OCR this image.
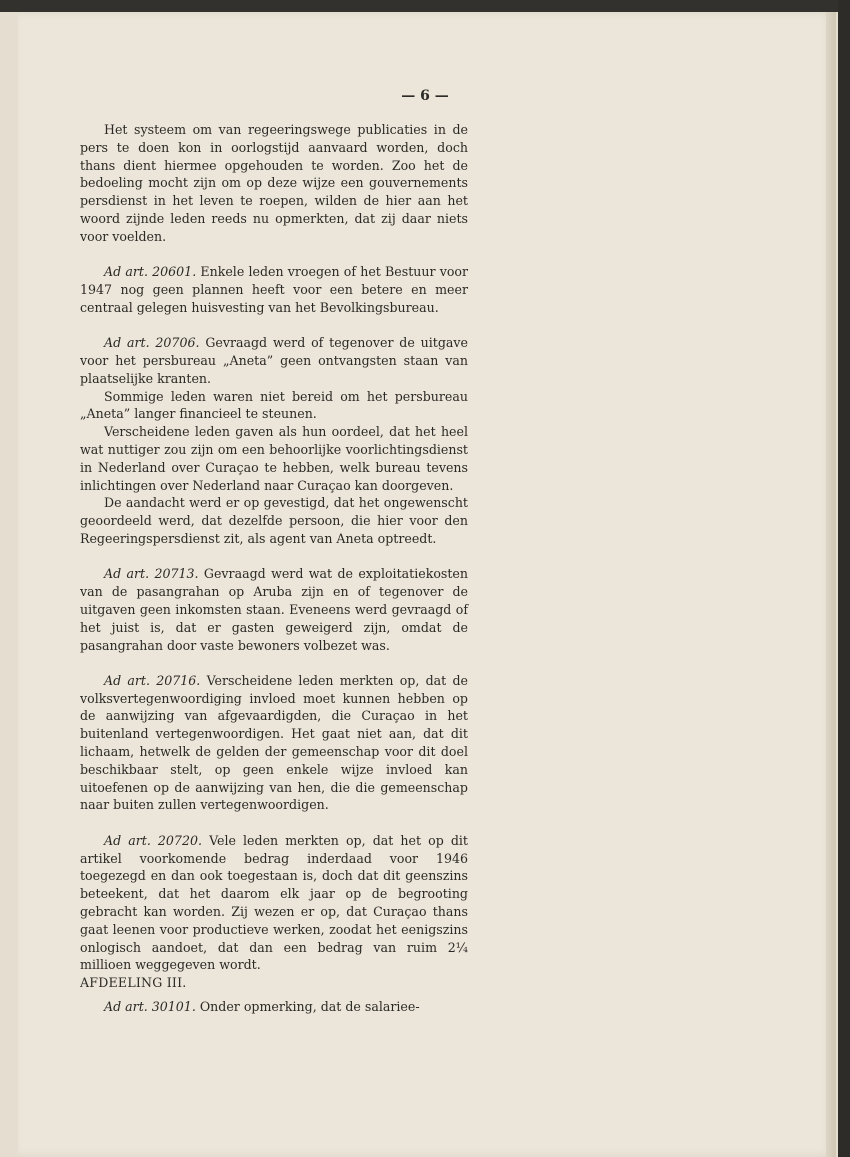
— 6 —

Het systeem om van regeeringswege publicaties in de pers te doen kon in oorlogstijd aanvaard worden, doch thans dient hiermee opgehouden te worden. Zoo het de bedoeling mocht zijn om op deze wijze een gouvernements persdienst in het leven te roepen, wilden de hier aan het woord zijnde leden reeds nu opmerkten, dat zij daar niets voor voelden.

Ad art. 20601. Enkele leden vroegen of het Bestuur voor 1947 nog geen plannen heeft voor een betere en meer centraal gelegen huisvesting van het Bevolkingsbureau.

Ad art. 20706. Gevraagd werd of tegenover de uitgave voor het persbureau „Aneta” geen ontvangsten staan van plaatselijke kranten.

Sommige leden waren niet bereid om het persbureau „Aneta” langer financieel te steunen.

Verscheidene leden gaven als hun oordeel, dat het heel wat nuttiger zou zijn om een behoorlijke voorlichtingsdienst in Nederland over Curaçao te hebben, welk bureau tevens inlichtingen over Nederland naar Curaçao kan doorgeven.

De aandacht werd er op gevestigd, dat het ongewenscht geoordeeld werd, dat dezelfde persoon, die hier voor den Regeeringspersdienst zit, als agent van Aneta optreedt.

Ad art. 20713. Gevraagd werd wat de exploitatiekosten van de pasangrahan op Aruba zijn en of tegenover de uitgaven geen inkomsten staan. Eveneens werd gevraagd of het juist is, dat er gasten geweigerd zijn, omdat de pasangrahan door vaste bewoners volbezet was.

Ad art. 20716. Verscheidene leden merkten op, dat de volksvertegenwoordiging invloed moet kunnen hebben op de aanwijzing van afgevaardigden, die Curaçao in het buitenland vertegenwoordigen. Het gaat niet aan, dat dit lichaam, hetwelk de gelden der gemeenschap voor dit doel beschikbaar stelt, op geen enkele wijze invloed kan uitoefenen op de aanwijzing van hen, die die gemeenschap naar buiten zullen vertegenwoordigen.

Ad art. 20720. Vele leden merkten op, dat het op dit artikel voorkomende bedrag inderdaad voor 1946 toegezegd en dan ook toegestaan is, doch dat dit geenszins beteekent, dat het daarom elk jaar op de begrooting gebracht kan worden. Zij wezen er op, dat Curaçao thans gaat leenen voor productieve werken, zoodat het eenigszins onlogisch aandoet, dat dan een bedrag van ruim 2¼ millioen weggegeven wordt.

AFDEELING III.

Ad art. 30101. Onder opmerking, dat de salariee-
